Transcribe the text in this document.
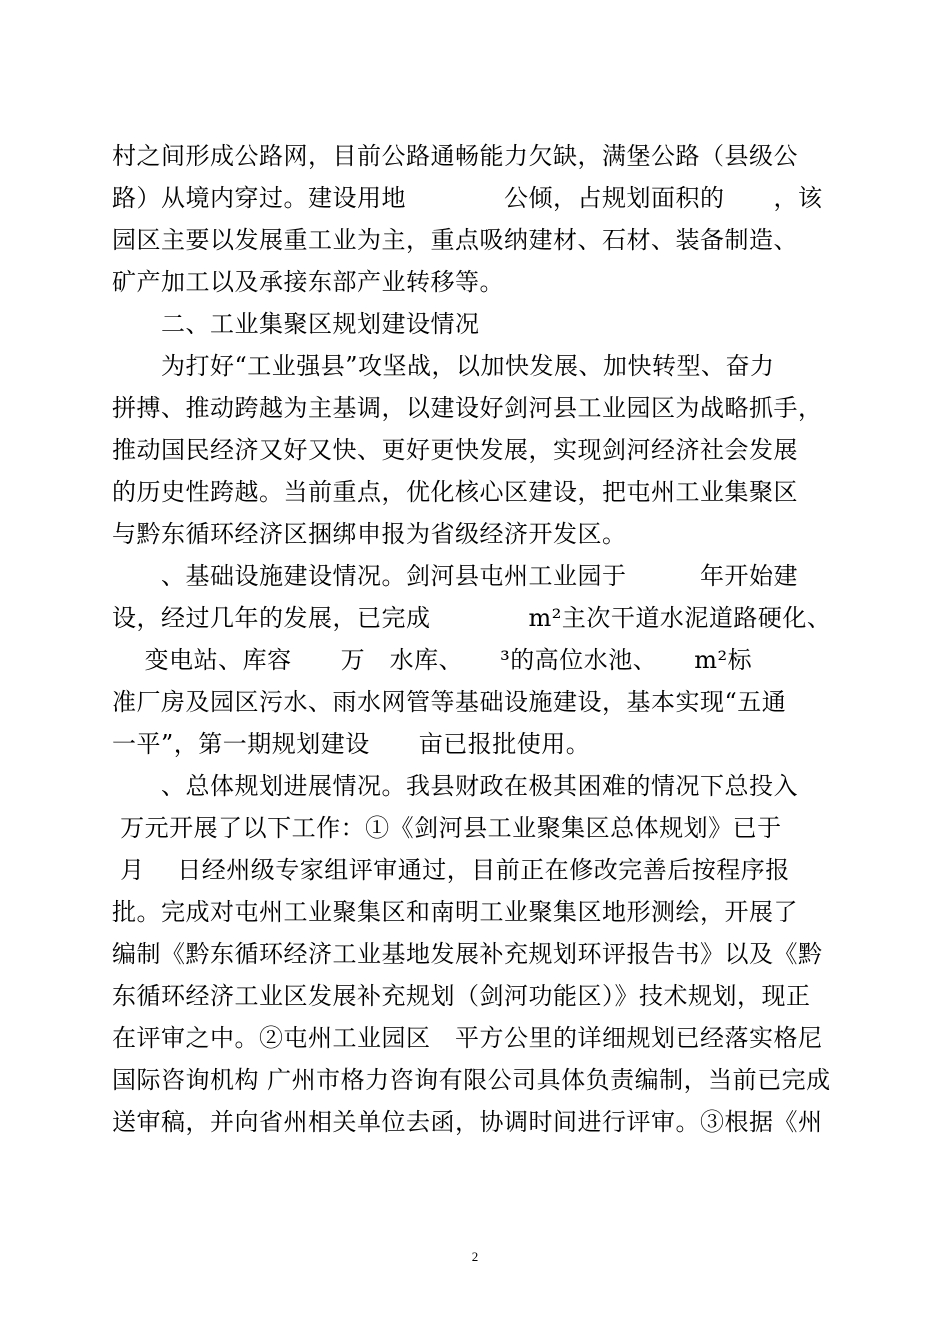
村之间形成公路网，目前公路通畅能力欠缺，满堡公路（县级公
路）从境内穿过。建设用地　　　　公倾，占规划面积的　　，该
园区主要以发展重工业为主，重点吸纳建材、石材、装备制造、
矿产加工以及承接东部产业转移等。
　　二、工业集聚区规划建设情况
　　为打好“工业强县”攻坚战，以加快发展、加快转型、奋力
拼搏、推动跨越为主基调，以建设好剑河县工业园区为战略抓手，
推动国民经济又好又快、更好更快发展，实现剑河经济社会发展
的历史性跨越。当前重点，优化核心区建设，把屯州工业集聚区
与黔东循环经济区捆绑申报为省级经济开发区。
　　、基础设施建设情况。剑河县屯州工业园于　　　年开始建
设，经过几年的发展，已完成　　　　m²主次干道水泥道路硬化、
　 变电站、库容　　万　水库、　　³的高位水池、　　m²标
准厂房及园区污水、雨水网管等基础设施建设，基本实现“五通
一平”，第一期规划建设　　亩已报批使用。
　　、总体规划进展情况。我县财政在极其困难的情况下总投入
万元开展了以下工作：①《剑河县工业聚集区总体规划》已于
月　 日经州级专家组评审通过，目前正在修改完善后按程序报
批。完成对屯州工业聚集区和南明工业聚集区地形测绘，开展了
编制《黔东循环经济工业基地发展补充规划环评报告书》以及《黔
东循环经济工业区发展补充规划（剑河功能区）》技术规划，现正
在评审之中。②屯州工业园区　平方公里的详细规划已经落实格尼
国际咨询机构 广州市格力咨询有限公司具体负责编制，当前已完成
送审稿，并向省州相关单位去函，协调时间进行评审。③根据《州
2
